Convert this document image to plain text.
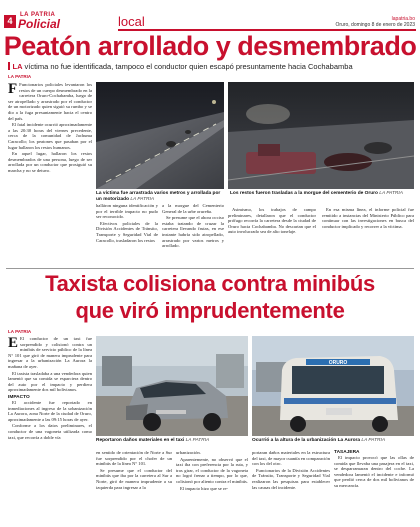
4
LA PATRIA
Policial	local	lapatria.bo
Oruro, domingo 8 de enero de 2023
Peatón arrollado y desmembrado
LA víctima no fue identificada, tampoco el conductor quien escapó presuntamente hacia Cochabamba
LA PATRIA

F Funcionarios policiales levantaron los restos de un cuerpo desmembrado en la carretera Oruro-Cochabamba, luego de ser atropellado y arrastrado por el conductor de un motorizado quien siguió su rumbo y se dio a la fuga presuntamente hacia el centro del país.

El fatal incidente ocurrió aproximadamente a las 20:30 horas del viernes precedente, cerca de la comunidad de Jachuma Caracollo; los peatones que pasaban por el lugar hallaron los restos humanos.

En aquel lugar, hallaron los restos desmembrados de una persona, luego de ser arrollada por un conductor que prosiguió su marcha y no se detuvo.

La víctima fue arrastrada varios metros y arrollada por un motorizado LA PATRIA
Los restos fueron trasladas a la morgue del cementerio de Oruro LA PATRIA

halláron ninguna identificación y por el terrible impacto no pudo ser reconocido.

Efectivos policiales de la División Accidentes de Tránsito, Transporte y Seguridad Vial de Caracollo, trasladaron los restos

a la morgue del Cementerio General de la urbe orureña.

Se presume que el ahora occiso estaba tratando de cruzar la carretera llevando frutas, en ese instante habría sido atropellado, arrastrado por varios metros y arrollado.

Asimismo, los trabajos de campo preliminares, detallaron que el conductor prófugo recorría la carretera desde la ciudad de Oruro hacia Cochabamba. No descartan que el auto involucrado sea de alto tonelaje.

En esa misma línea, el informe policial fue remitido a instancias del Ministerio Público para continuar con las investigaciones en busca del conductor implicado y recorrer a la víctima.

Taxista colisiona contra minibús
que viró imprudentemente
LA PATRIA

E El conductor de un taxi fue sorprendido y colisionó contra un minibús de servicio público de la línea N° 101 que giró de manera imprudente para ingresar a la urbanización La Aurora la mañana de ayer.

El taxista trasladaba a una vendedora quien lamentó que su comida se esparciera dentro del auto por el impacto y perdiera aproximadamente dos mil bolivianos.

IMPACTO

El accidente fue reportado en inmediaciones al ingreso de la urbanización La Aurora, zona Norte de la ciudad de Oruro, aproximadamente a las 09:15 horas de ayer.

Conforme a los datos preliminares, el conductor de una vagoneta utilizada como taxi, que recorría a doble vía

Reportaron daños materiales en el taxi LA PATRIA
ORURO
Ocurrió a la altura de la urbanización La Aurora LA PATRIA

en sentido de orientación de Norte a Sur fue sorprendido por el chofer de un minibús de la línea N° 101.

Se presume que el conductor del minibús que iba por la carretera al Sur a Norte, giró de manera imprudente a su izquierda para ingresar a la

urbanización.

Aparentemente, no observó que el taxi iba con preferencia por la ruta, y tras girar, el conductor de la vagoneta no logró frenar a tiempo, por lo que, colisionó por aliento contra el minibús.

El impacto hizo que se re-

portaran daños materiales en la estructura del taxi, de mayor cuantía en comparación con los del otro.

Funcionarios de la División Accidentes de Tránsito, Transporte y Seguridad Vial realizaron las pesquisas para establecer las causas del incidente.

TASAJERA

El impacto provocó que las ollas de comida que llevaba una pasajera en el taxi, se desparramaran dentro del coche. La vendedora lamentó el incidente e informó que perdió cerca de dos mil bolivianos de su mercancía.
